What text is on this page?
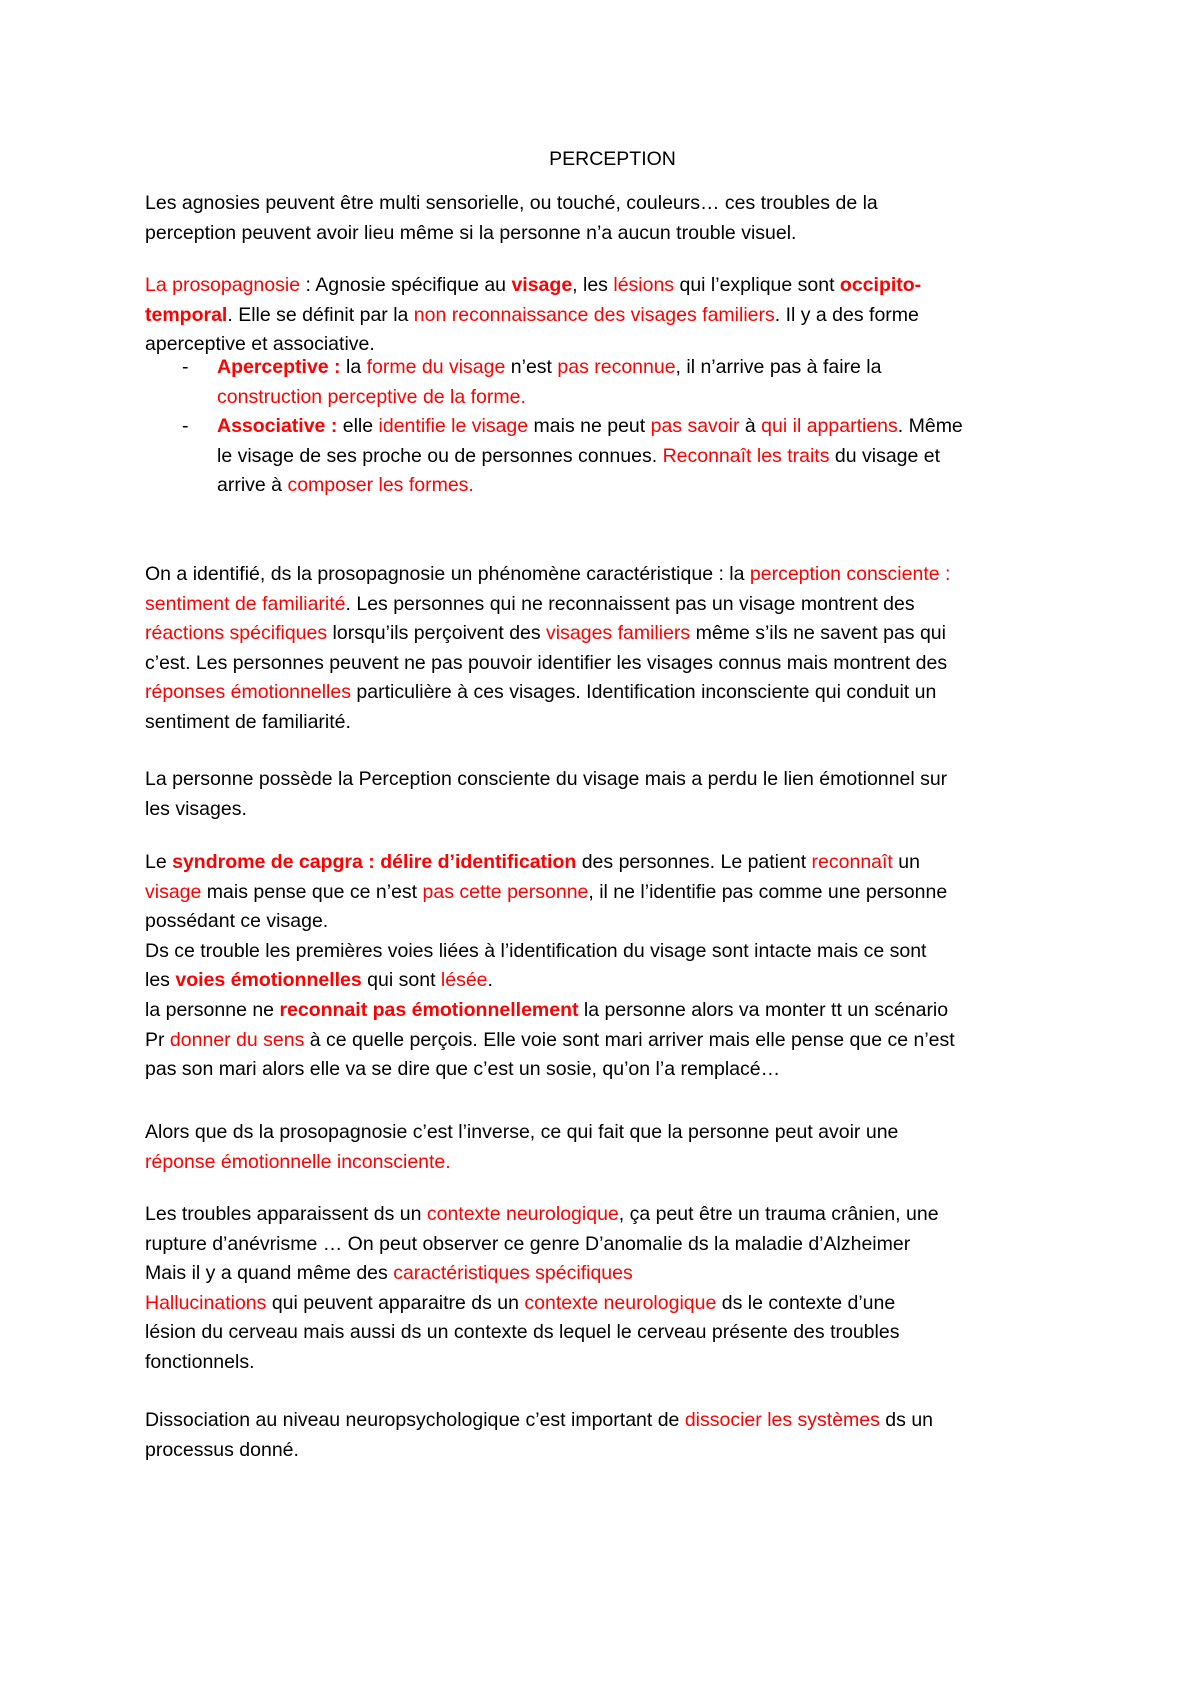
PERCEPTION
Les agnosies peuvent être multi sensorielle, ou touché, couleurs… ces troubles de la
perception peuvent avoir lieu même si la personne n’a aucun trouble visuel.
La prosopagnosie : Agnosie spécifique au visage, les lésions qui l’explique sont occipito-
temporal. Elle se définit par la non reconnaissance des visages familiers. Il y a des forme
aperceptive et associative.
- Aperceptive : la forme du visage n’est pas reconnue, il n’arrive pas à faire la
construction perceptive de la forme.
- Associative : elle identifie le visage mais ne peut pas savoir à qui il appartiens. Même
le visage de ses proche ou de personnes connues. Reconnaît les traits du visage et
arrive à composer les formes.
On a identifié, ds la prosopagnosie un phénomène caractéristique : la perception consciente :
sentiment de familiarité. Les personnes qui ne reconnaissent pas un visage montrent des
réactions spécifiques lorsqu’ils perçoivent des visages familiers même s’ils ne savent pas qui
c’est. Les personnes peuvent ne pas pouvoir identifier les visages connus mais montrent des
réponses émotionnelles particulière à ces visages. Identification inconsciente qui conduit un
sentiment de familiarité.
La personne possède la Perception consciente du visage mais a perdu le lien émotionnel sur
les visages.
Le syndrome de capgra : délire d’identification des personnes. Le patient reconnaît un
visage mais pense que ce n’est pas cette personne, il ne l’identifie pas comme une personne
possédant ce visage.
Ds ce trouble les premières voies liées à l’identification du visage sont intacte mais ce sont
les voies émotionnelles qui sont lésée.
la personne ne reconnait pas émotionnellement la personne alors va monter tt un scénario
Pr donner du sens à ce quelle perçois. Elle voie sont mari arriver mais elle pense que ce n’est
pas son mari alors elle va se dire que c’est un sosie, qu’on l’a remplacé…
Alors que ds la prosopagnosie c’est l’inverse, ce qui fait que la personne peut avoir une
réponse émotionnelle inconsciente.
Les troubles apparaissent ds un contexte neurologique, ça peut être un trauma crânien, une
rupture d’anévrisme … On peut observer ce genre D’anomalie ds la maladie d’Alzheimer
Mais il y a quand même des caractéristiques spécifiques
Hallucinations qui peuvent apparaitre ds un contexte neurologique ds le contexte d’une
lésion du cerveau mais aussi ds un contexte ds lequel le cerveau présente des troubles
fonctionnels.
Dissociation au niveau neuropsychologique c’est important de dissocier les systèmes ds un
processus donné.
